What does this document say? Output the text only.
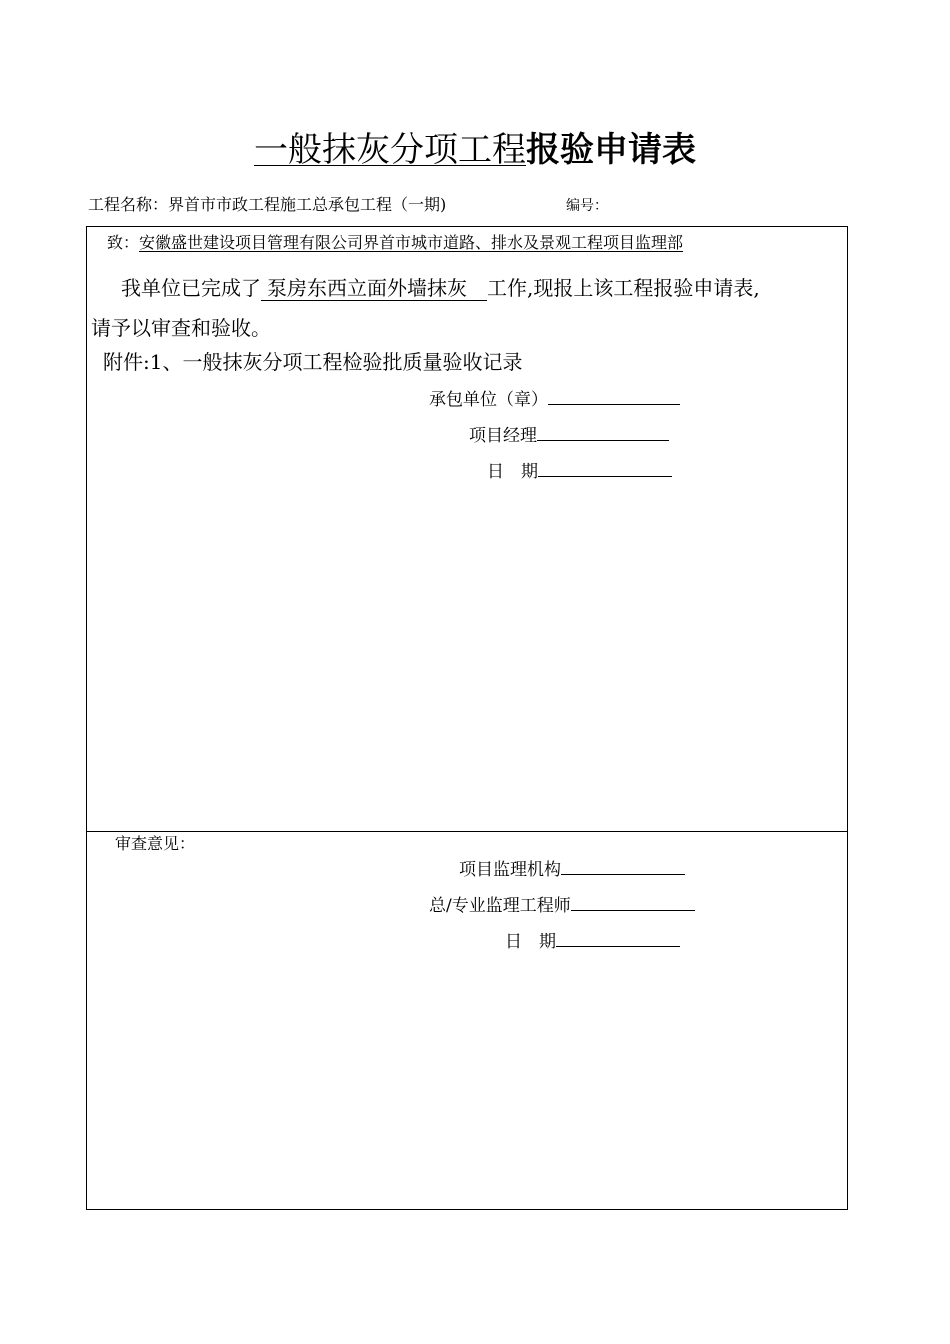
一般抹灰分项工程报验申请表
工程名称：界首市市政工程施工总承包工程（一期)	编号：
致：安徽盛世建设项目管理有限公司界首市城市道路、排水及景观工程项目监理部
我单位已完成了 泵房东西立面外墙抹灰 工作,现报上该工程报验申请表,
请予以审查和验收。
附件:1、一般抹灰分项工程检验批质量验收记录
承包单位（章）
项目经理
日　期
审查意见：
项目监理机构
总/专业监理工程师
日　期
